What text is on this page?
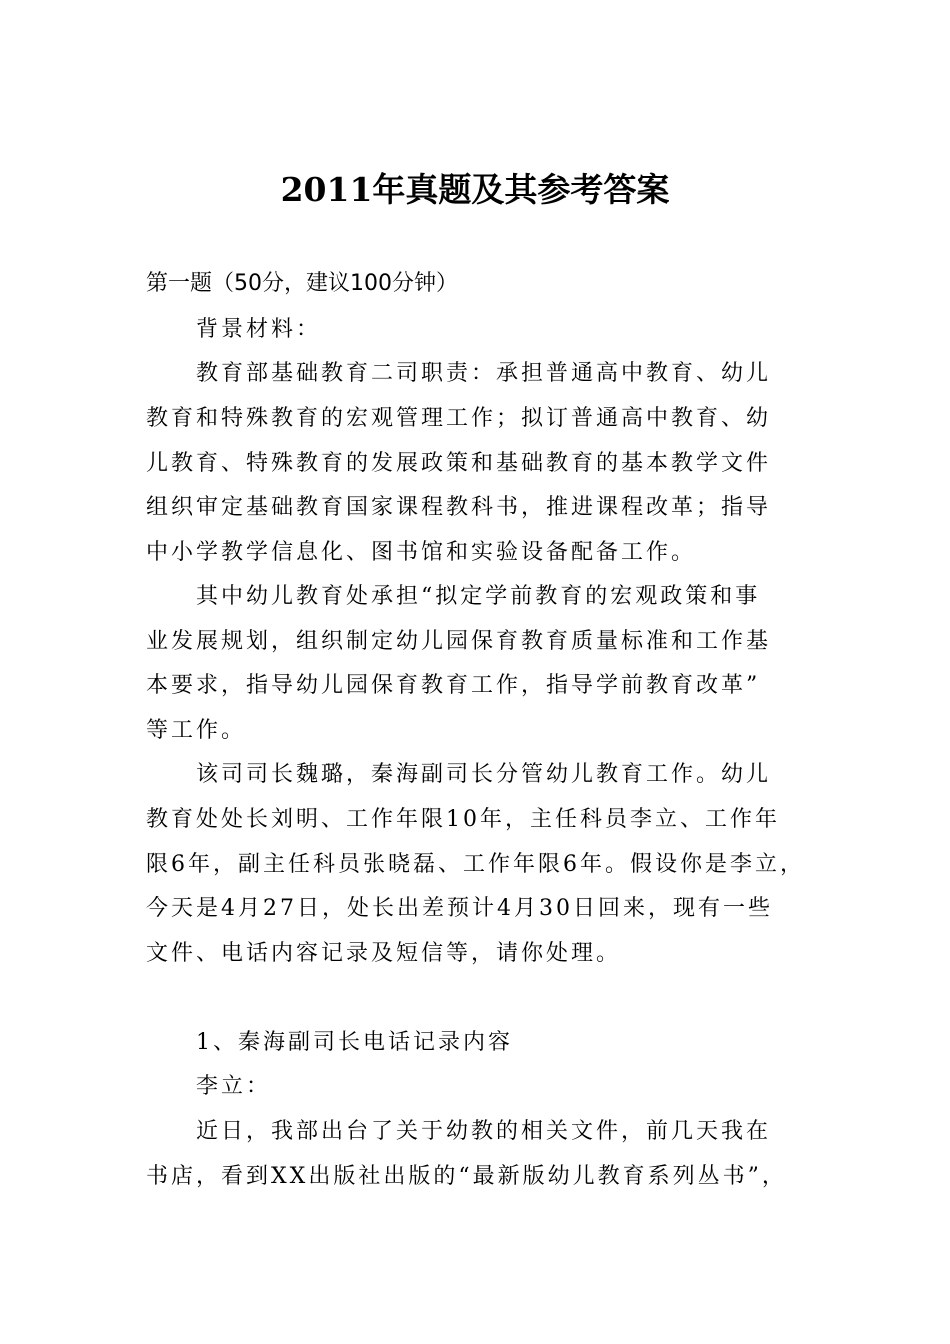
2011年真题及其参考答案
第一题（50分，建议100分钟）
背景材料：
教育部基础教育二司职责：承担普通高中教育、幼儿
教育和特殊教育的宏观管理工作；拟订普通高中教育、幼
儿教育、特殊教育的发展政策和基础教育的基本教学文件
组织审定基础教育国家课程教科书，推进课程改革；指导
中小学教学信息化、图书馆和实验设备配备工作。
其中幼儿教育处承担“拟定学前教育的宏观政策和事
业发展规划，组织制定幼儿园保育教育质量标准和工作基
本要求，指导幼儿园保育教育工作，指导学前教育改革”
等工作。
该司司长魏璐，秦海副司长分管幼儿教育工作。幼儿
教育处处长刘明、工作年限10年，主任科员李立、工作年
限6年，副主任科员张晓磊、工作年限6年。假设你是李立，
今天是4月27日，处长出差预计4月30日回来，现有一些
文件、电话内容记录及短信等，请你处理。
1、秦海副司长电话记录内容
李立：
近日，我部出台了关于幼教的相关文件，前几天我在
书店，看到XX出版社出版的“最新版幼儿教育系列丛书”，
